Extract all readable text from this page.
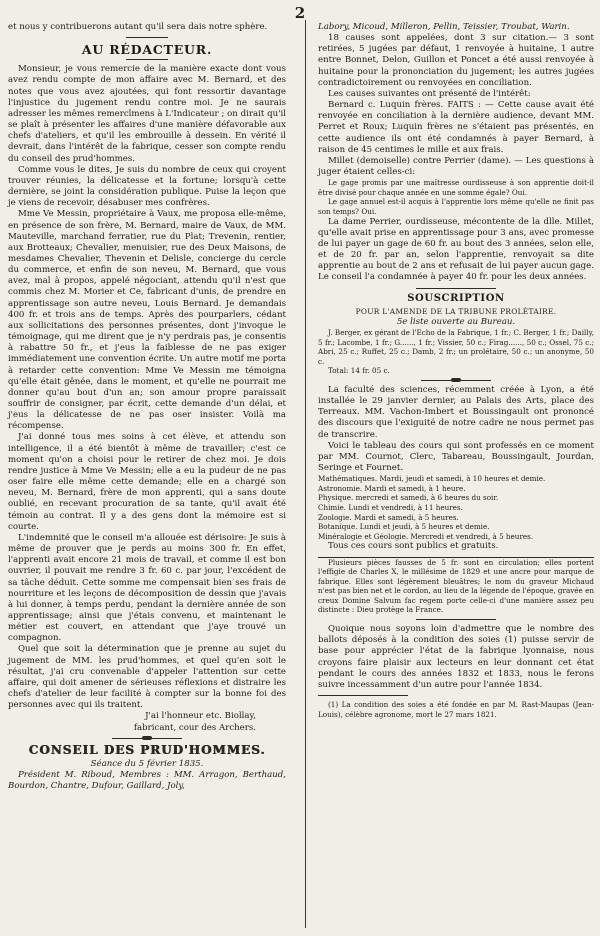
2

et nous y contribuerons autant qu'il sera dais notre sphère.

AU RÉDACTEUR.

Monsieur, je vous remercie de la manière exacte dont vous avez rendu compte de mon affaire avec M. Bernard, et des notes que vous avez ajoutées, qui font ressortir davantage l'injustice du jugement rendu contre moi. Je ne saurais adresser les mêmes remercîmens à L'Indicateur ; on dirait qu'il se plaît à présenter les affaires d'une manière défavorable aux chefs d'ateliers, et qu'il les embrouille à dessein. En vérité il devrait, dans l'intérêt de la fabrique, cesser son compte rendu du conseil des prud'hommes.

Comme vous le dites, Je suis du nombre de ceux qui croyent trouver réunies, la délicatesse et la fortune; lorsqu'à cette dernière, se joint la considération publique. Puise la leçon que je viens de recevoir, désabuser mes confrères.

Mme Ve Messin, propriétaire à Vaux, me proposa elle-même, en présence de son frère, M. Bernard, maire de Vaux, de MM. Mauteville, marchand ferratier, rue du Plat; Trevenin, rentier, aux Brotteaux; Chevalier, menuisier, rue des Deux Maisons, de mesdames Chevalier, Thevenin et Delisle, concierge du cercle du commerce, et enfin de son neveu, M. Bernard, que vous avez, mal à propos, appelé négociant, attendu qu'il n'est que commis chez M. Morier et Ce, fabricant d'unis, de prendre en apprentissage son autre neveu, Louis Bernard. Je demandais 400 fr. et trois ans de temps. Après des pourparlers, cédant aux sollicitations des personnes présentes, dont j'invoque le témoignage, qui me dirent que je n'y perdrais pas, je consentis à rabattre 50 fr., et j'eus la faiblesse de ne pas exiger immédiatement une convention écrite. Un autre motif me porta à retarder cette convention: Mme Ve Messin me témoigna qu'elle était gênée, dans le moment, et qu'elle ne pourrait me donner qu'au bout d'un an; son amour propre paraissait souffrir de consigner, par écrit, cette demande d'un délai, et j'eus la délicatesse de ne pas oser insister. Voilà ma récompense.

J'ai donné tous mes soins à cet élève, et attendu son intelligence, il a été bientôt à même de travailler; c'est ce moment qu'on a choisi pour le retirer de chez moi. Je dois rendre justice à Mme Ve Messin; elle a eu la pudeur de ne pas oser faire elle même cette demande; elle en a chargé son neveu, M. Bernard, frère de mon apprenti, qui a sans doute oublié, en recevant procuration de sa tante, qu'il avait été témoin au contrat. Il y a des gens dont la mémoire est si courte.

L'indemnité que le conseil m'a allouée est dérisoire: Je suis à même de prouver que je perds au moins 300 fr. En effet, l'apprenti avait encore 21 mois de travail, et comme il est bon ouvrier, il pouvait me rendre 3 fr. 60 c. par jour, l'excédent de sa tâche déduit. Cette somme me compensait bien ses frais de nourriture et les leçons de décomposition de dessin que j'avais à lui donner, à temps perdu, pendant la dernière année de son apprentissage; ainsi que j'étais convenu, et maintenant le métier est couvert, en attendant que j'aye trouvé un compagnon.

Quel que soit la détermination que je prenne au sujet du jugement de MM. les prud'hommes, et quel qu'en soit le résultat, j'ai cru convenable d'appeler l'attention sur cette affaire, qui doit amener de sérieuses réflexions et distraire les chefs d'atelier de leur facilité à compter sur la bonne foi des personnes avec qui ils traitent.

J'ai l'honneur etc. Biollay,

fabricant, cour des Archers.

CONSEIL DES PRUD'HOMMES.

Séance du 5 février 1835.

Président M. Riboud, Membres : MM. Arragon, Berthaud, Bourdon, Chantre, Dufour, Gaillard, Joly,

Labory, Micoud, Milleron, Pellin, Teissier, Troubat, Warin.

18 causes sont appelées, dont 3 sur citation.— 3 sont retirées, 5 jugées par défaut, 1 renvoyée à huitaine, 1 autre entre Bonnet, Delon, Guillon et Poncet a été aussi renvoyée à huitaine pour la prononciation du jugement; les autres jugées contradictoirement ou renvoyées en conciliation.

Les causes suivantes ont présenté de l'intérêt:

Bernard c. Luquin frères. FAITS : — Cette cause avait été renvoyée en conciliation à la dernière audience, devant MM. Perret et Roux; Luquin frères ne s'étaient pas présentés, en cette audience ils ont été condamnés à payer Bernard, à raison de 45 centimes le mille et aux frais.

Millet (demoiselle) contre Perrier (dame). — Les questions à juger étaient celles-ci:

Le gage promis par une maîtresse ourdisseuse à son apprentie doit-il être divisé pour chaque année en une somme égale? Oui.

Le gage annuel est-il acquis à l'apprentie lors même qu'elle ne finit pas son temps? Oui.

La dame Perrier, ourdisseuse, mécontente de la dlle. Millet, qu'elle avait prise en apprentissage pour 3 ans, avec promesse de lui payer un gage de 60 fr. au bout des 3 années, selon elle, et de 20 fr. par an, selon l'apprentie, renvoyait sa dite apprentie au bout de 2 ans et refusait de lui payer aucun gage. Le conseil l'a condamnée à payer 40 fr. pour les deux années.

SOUSCRIPTION

POUR L'AMENDE DE LA TRIBUNE PROLÉTAIRE.

5e liste ouverte au Bureau.

J. Berger, ex gérant de l'Echo de la Fabrique, 1 fr.; C. Berger, 1 fr.; Dailly, 5 fr.; Lacombe, 1 fr.; G......, 1 fr.; Vissier, 50 c.; Firag......, 50 c.; Ossel, 75 c.; Abri, 25 c.; Ruffet, 25 c.; Damb, 2 fr.; un prolétaire, 50 c.; un anonyme, 50 c.

Total: 14 fr. 05 c.

La faculté des sciences, récemment créée à Lyon, a été installée le 29 janvier dernier, au Palais des Arts, place des Terreaux. MM. Vachon-Imbert et Boussingault ont prononcé des discours que l'exiguité de notre cadre ne nous permet pas de transcrire.

Voici le tableau des cours qui sont professés en ce moment par MM. Cournot, Clerc, Tabareau, Boussingault, Jourdan, Seringe et Fournet.

Mathématiques. Mardi, jeudi et samedi, à 10 heures et demie.

Astronomie. Mardi et samedi, à 1 heure.

Physique. mercredi et samedi, à 6 heures du soir.

Chimie. Lundi et vendredi, à 11 heures.

Zoologie. Mardi et samedi, à 5 heures.

Botanique. Lundi et jeudi, à 5 heures et demie.

Minéralogie et Géologie. Mercredi et vendredi, à 5 heures.

Tous ces cours sont publics et gratuits.

Plusieurs pièces fausses de 5 fr. sont en circulation; elles portent l'effigie de Charles X, le millésime de 1829 et une ancre pour marque de fabrique. Elles sont légèrement bleuâtres; le nom du graveur Michaud n'est pas bien net et le cordon, au lieu de la légende de l'époque, gravée en creux Domine Salvum fac regem porte celle-ci d'une manière assez peu distincte : Dieu protège la France.

Quoique nous soyons loin d'admettre que le nombre des ballots déposés à la condition des soies (1) puisse servir de base pour apprécier l'état de la fabrique lyonnaise, nous croyons faire plaisir aux lecteurs en leur donnant cet état pendant le cours des années 1832 et 1833, nous le ferons suivre incessamment d'un autre pour l'année 1834.

(1) La condition des soies a été fondée en par M. Rast-Maupas (Jean-Louis), célèbre agronome, mort le 27 mars 1821.
